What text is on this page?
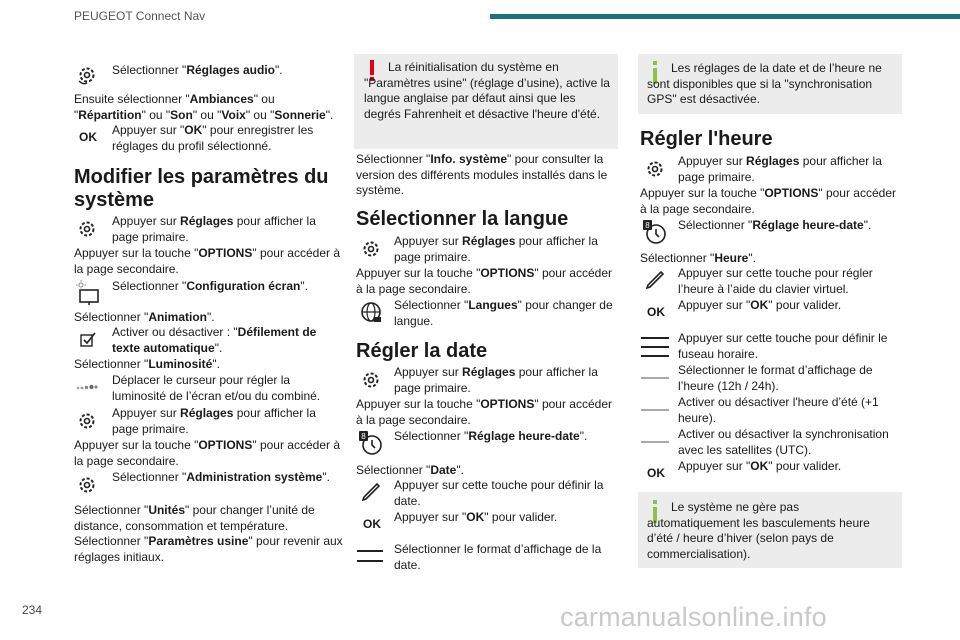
PEUGEOT Connect Nav
Sélectionner "Réglages audio".
Ensuite sélectionner "Ambiances" ou "Répartition" ou "Son" ou "Voix" ou "Sonnerie".
OK Appuyer sur "OK" pour enregistrer les réglages du profil sélectionné.
Modifier les paramètres du système
Appuyer sur Réglages pour afficher la page primaire.
Appuyer sur la touche "OPTIONS" pour accéder à la page secondaire.
Sélectionner "Configuration écran".
Sélectionner "Animation".
Activer ou désactiver : "Défilement de texte automatique".
Sélectionner "Luminosité".
Déplacer le curseur pour régler la luminosité de l’écran et/ou du combiné.
Appuyer sur Réglages pour afficher la page primaire.
Appuyer sur la touche "OPTIONS" pour accéder à la page secondaire.
Sélectionner "Administration système".
Sélectionner "Unités" pour changer l’unité de distance, consommation et température.
Sélectionner "Paramètres usine" pour revenir aux réglages initiaux.
La réinitialisation du système en "Paramètres usine" (réglage d’usine), active la langue anglaise par défaut ainsi que les degrés Fahrenheit et désactive l'heure d'été.
Sélectionner "Info. système" pour consulter la version des différents modules installés dans le système.
Sélectionner la langue
Appuyer sur Réglages pour afficher la page primaire.
Appuyer sur la touche "OPTIONS" pour accéder à la page secondaire.
Sélectionner "Langues" pour changer de langue.
Régler la date
Appuyer sur Réglages pour afficher la page primaire.
Appuyer sur la touche "OPTIONS" pour accéder à la page secondaire.
8 Sélectionner "Réglage heure-date".
Sélectionner "Date".
Appuyer sur cette touche pour définir la date.
OK Appuyer sur "OK" pour valider.
Sélectionner le format d’affichage de la date.
Les réglages de la date et de l’heure ne sont disponibles que si la "synchronisation GPS" est désactivée.
Régler l'heure
Appuyer sur Réglages pour afficher la page primaire.
Appuyer sur la touche "OPTIONS" pour accéder à la page secondaire.
8 Sélectionner "Réglage heure-date".
Sélectionner "Heure".
Appuyer sur cette touche pour régler l’heure à l’aide du clavier virtuel.
OK Appuyer sur "OK" pour valider.
Appuyer sur cette touche pour définir le fuseau horaire.
Sélectionner le format d’affichage de l’heure (12h / 24h).
Activer ou désactiver l'heure d’été (+1 heure).
Activer ou désactiver la synchronisation avec les satellites (UTC).
OK Appuyer sur "OK" pour valider.
Le système ne gère pas automatiquement les basculements heure d’été / heure d’hiver (selon pays de commercialisation).
234	carmanualsonline.info
